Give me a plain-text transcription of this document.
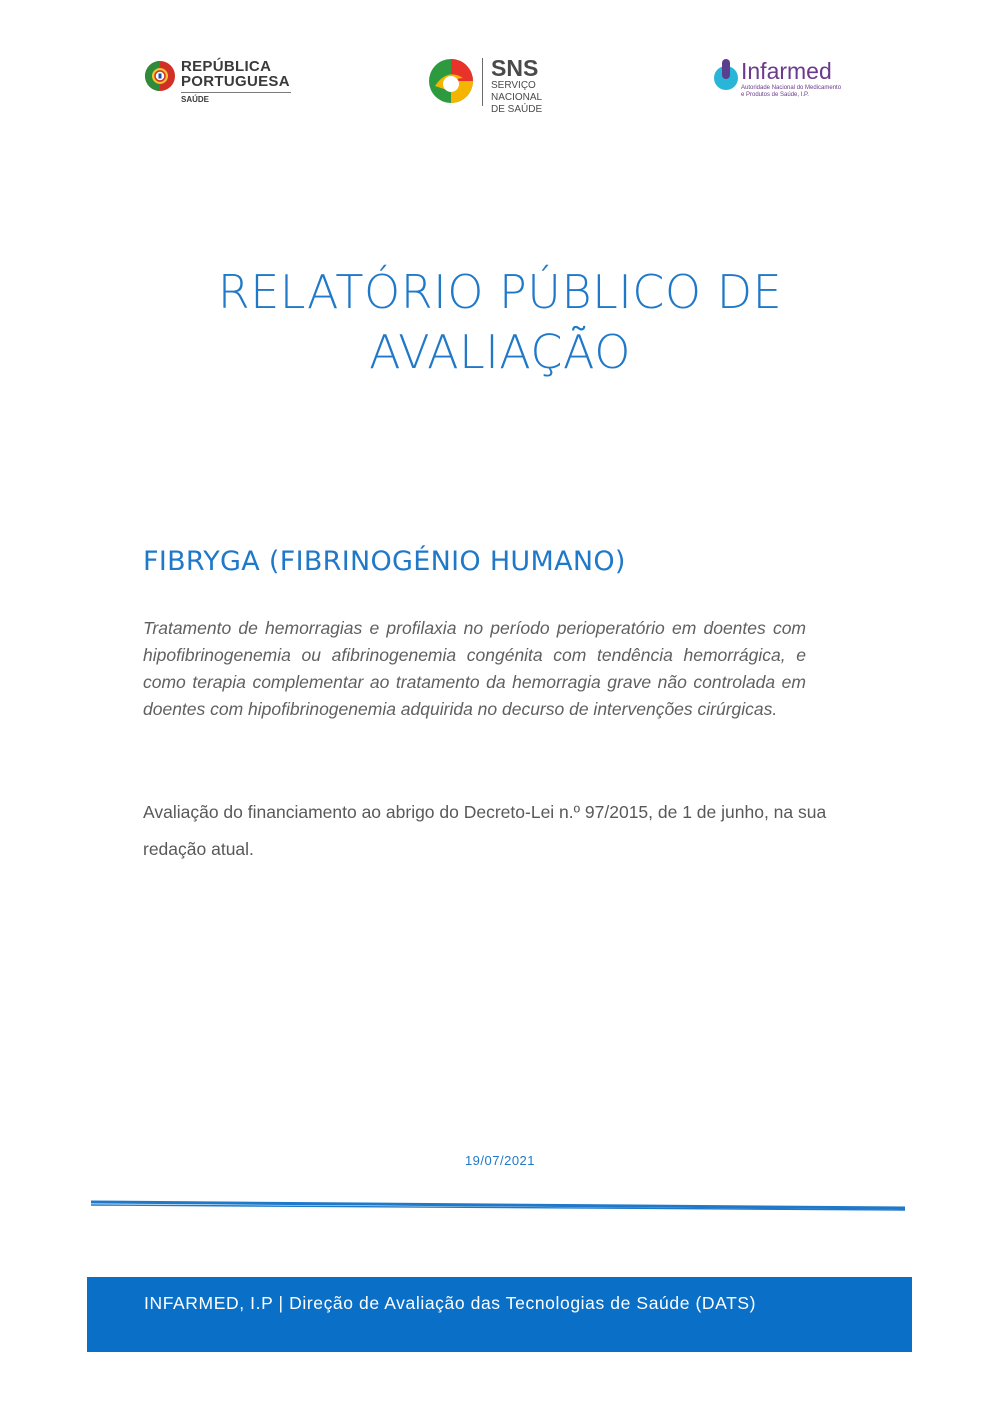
REPÚBLICA
PORTUGUESA
SAÚDE
SNS
SERVIÇO NACIONAL
DE SAÚDE
Infarmed
Autoridade Nacional do Medicamento
e Produtos de Saúde, I.P.
RELATÓRIO PÚBLICO DE
AVALIAÇÃO
FIBRYGA (FIBRINOGÉNIO HUMANO)

Tratamento de hemorragias e profilaxia no período perioperatório em doentes com hipofibrinogenemia ou afibrinogenemia congénita com tendência hemorrágica, e como terapia complementar ao tratamento da hemorragia grave não controlada em doentes com hipofibrinogenemia adquirida no decurso de intervenções cirúrgicas.

Avaliação do financiamento ao abrigo do Decreto-Lei n.º 97/2015, de 1 de junho, na sua redação atual.

19/07/2021
INFARMED, I.P | Direção de Avaliação das Tecnologias de Saúde (DATS)
